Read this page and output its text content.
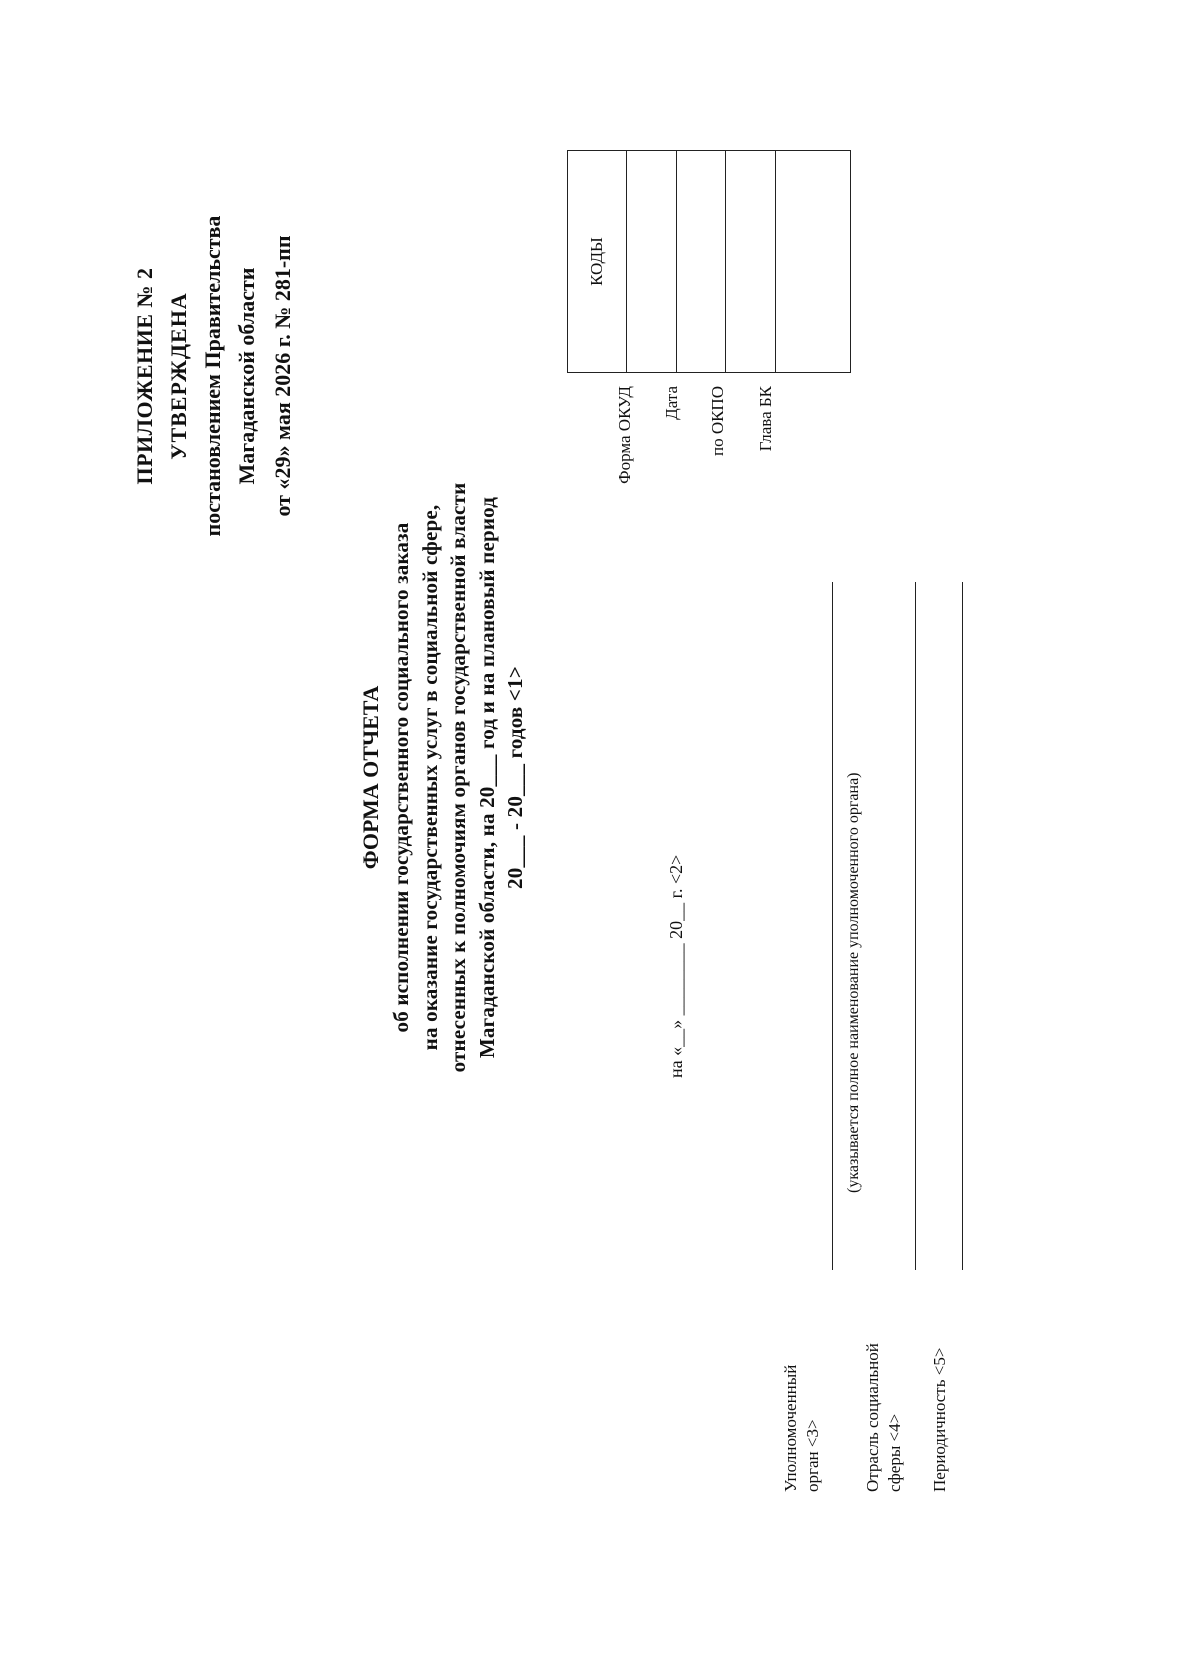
ПРИЛОЖЕНИЕ № 2 УТВЕРЖДЕНА постановлением Правительства Магаданской области от «29» мая 2026 г. № 281-пп
ФОРМА ОТЧЕТА об исполнении государственного социального заказа на оказание государственных услуг в социальной сфере, отнесенных к полномочиям органов государственной власти Магаданской области, на 20___ год и на плановый период 20___ - 20___ годов <1>
на «__» ________ 20__ г. <2>
Форма ОКУД Дата по ОКПО Глава БК
КОДЫ

Уполномоченный орган <3>
(указывается полное наименование уполномоченного органа)
Отрасль социальной сферы <4> Периодичность <5>
